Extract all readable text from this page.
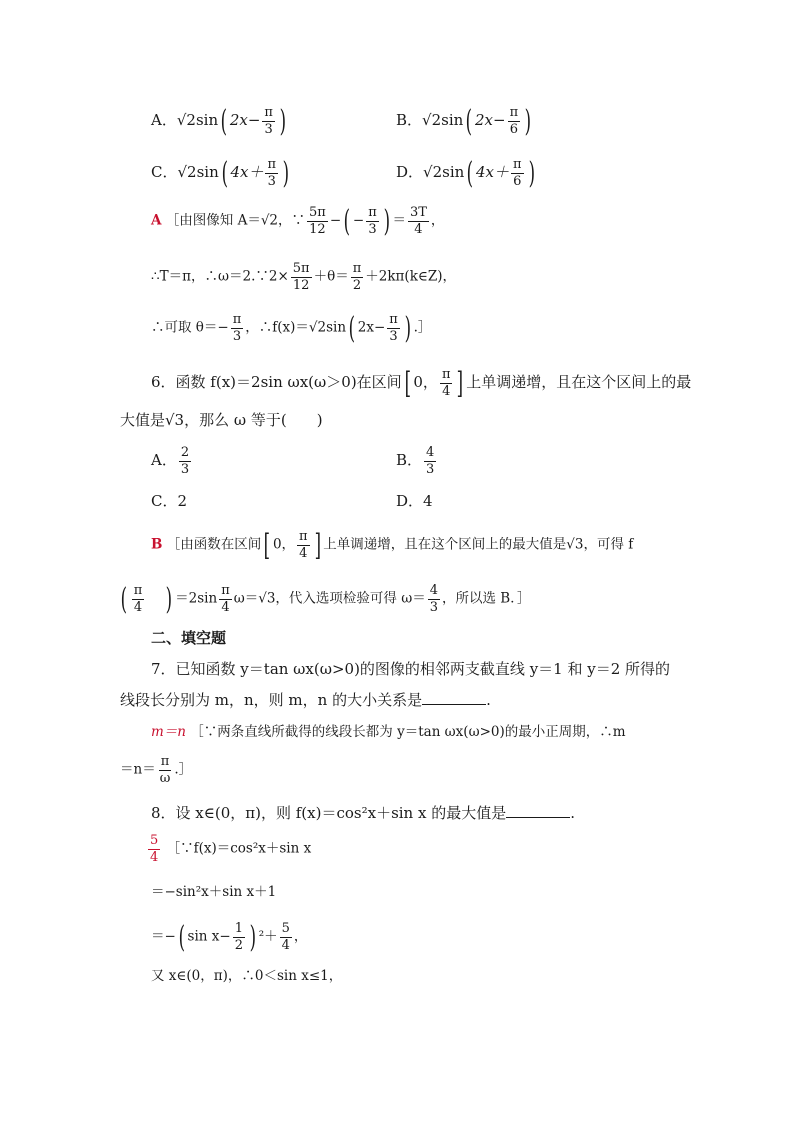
A．√2sin( $2x- \frac{\pi}{3}$ )	B．√2sin( $2x- \frac{\pi}{6}$ )
C．√2sin( $4x+ \frac{\pi}{3}$ )	D．√2sin( $4x+ \frac{\pi}{6}$ )
A ［由图像知 A＝√2，∵ $\frac{5\pi}{12}$ −( − $\frac{\pi}{3}$ ) ＝ $\frac{3T}{4}$ ，
∴T＝π，∴ω＝2.∵2× $\frac{5\pi}{12} +\theta= \frac{\pi}{2}$ ＋2kπ(k∈Z)，
∴可取 $\theta=- \frac{\pi}{3}$ ，∴f(x)＝√2sin( $2x- \frac{\pi}{3}$ ) .］
6．函数 f(x)＝2sin ωx(ω＞0)在区间[ 0， $\frac{\pi}{4}$ ] 上单调递增，且在这个区间上的最
大值是√3，那么 ω 等于(　　)
A． $\frac{2}{3}$	B． $\frac{4}{3}$
C．2	D．4
B ［由函数在区间[ 0， $\frac{\pi}{4}$ ] 上单调递增，且在这个区间上的最大值是√3，可得 f
( $\frac{\pi}{4}$ ) $=2\sin \frac{\pi}{4} \omega=√3$，代入选项检验可得 $\omega= \frac{4}{3}$ ，所以选 B．］
二、填空题
7．已知函数 y＝tan ωx(ω>0)的图像的相邻两支截直线 y＝1 和 y＝2 所得的
线段长分别为 m，n，则 m，n 的大小关系是	.
m＝n ［∵两条直线所截得的线段长都为 y＝tan ωx(ω>0)的最小正周期，∴m
$=n= \frac{\pi}{\omega}$ .］
8．设 x∈(0，π)，则 f(x)＝cos²x＋sin x 的最大值是	.
$\frac{5}{4}$ ［∵f(x)＝cos²x＋sin x
＝−sin²x＋sin x＋1
＝−( $\sin x- \frac{1}{2}$ ) $^2+ \frac{5}{4}$ ，
又 x∈(0，π)，∴0＜sin x≤1，
